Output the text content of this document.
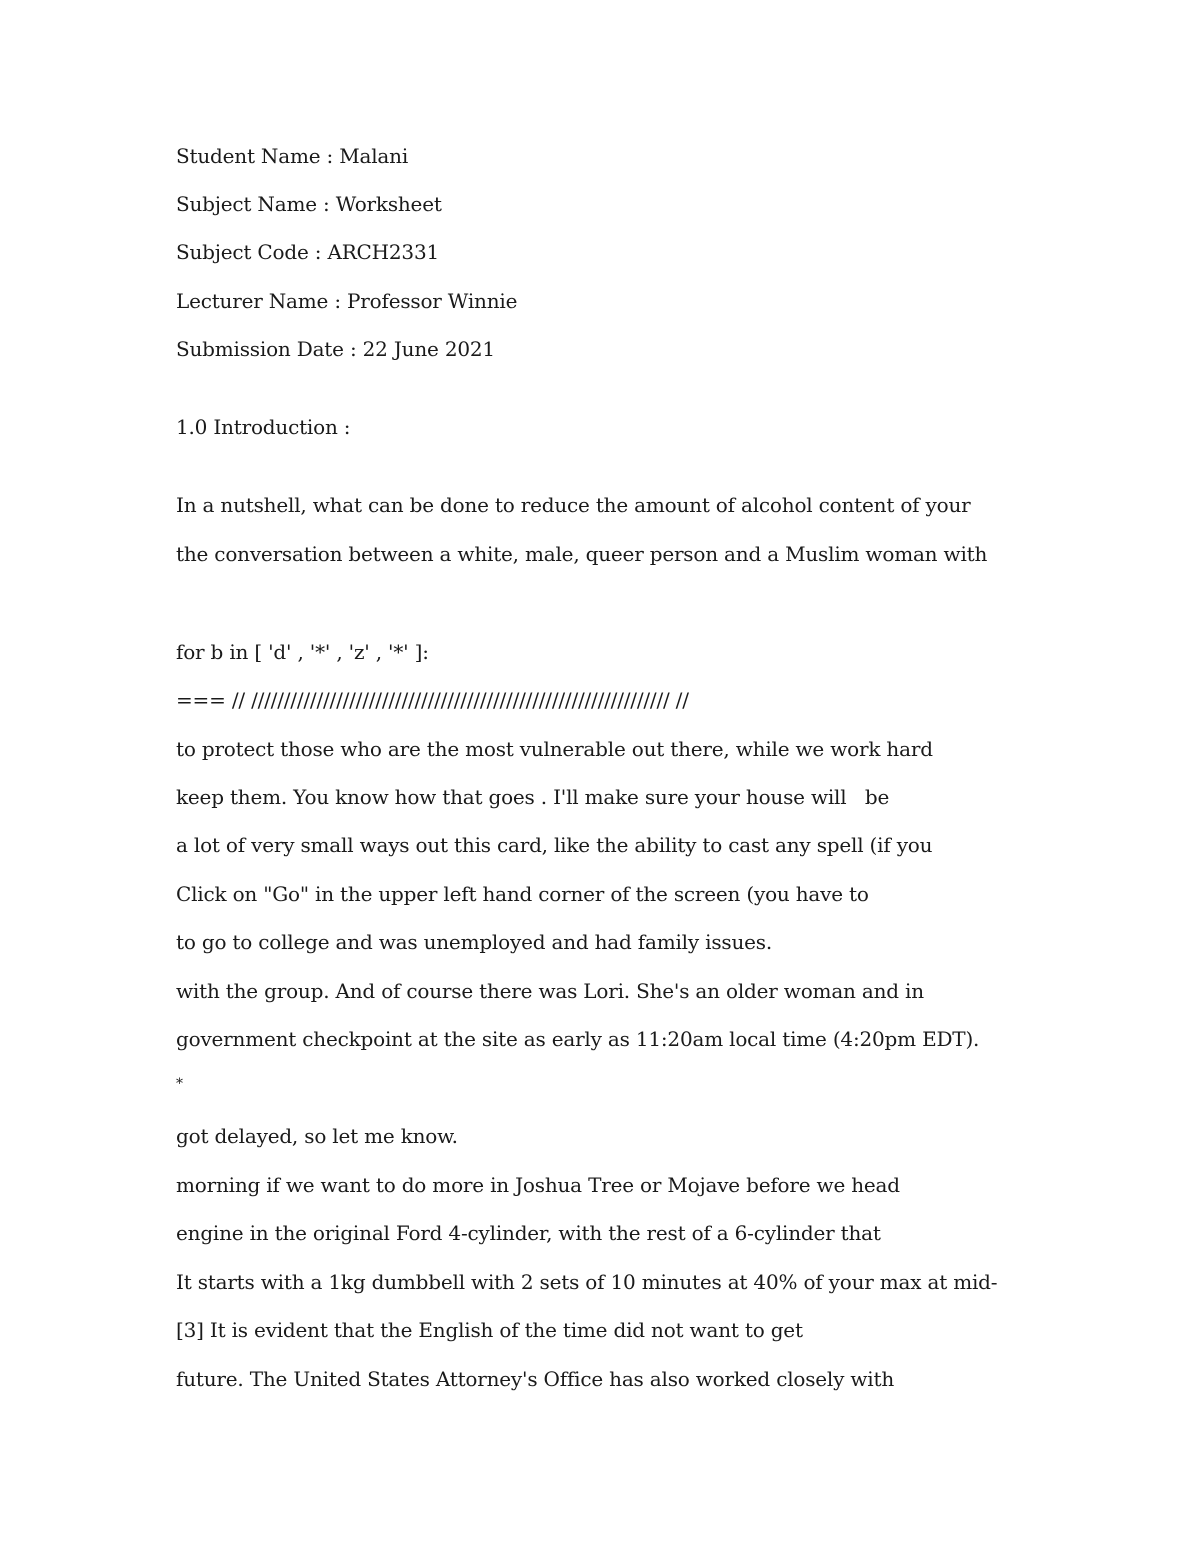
Student Name : Malani
Subject Name : Worksheet
Subject Code : ARCH2331
Lecturer Name : Professor Winnie
Submission Date : 22 June 2021
1.0 Introduction :
In a nutshell, what can be done to reduce the amount of alcohol content of your
the conversation between a white, male, queer person and a Muslim woman with
for b in [ 'd' , '*' , 'z' , '*' ]:
=== // //////////////////////////////////////////////////////////////// //
to protect those who are the most vulnerable out there, while we work hard
keep them. You know how that goes . I'll make sure your house will   be
a lot of very small ways out this card, like the ability to cast any spell (if you
Click on "Go" in the upper left hand corner of the screen (you have to
to go to college and was unemployed and had family issues.
with the group. And of course there was Lori. She's an older woman and in
government checkpoint at the site as early as 11:20am local time (4:20pm EDT).
*
got delayed, so let me know.
morning if we want to do more in Joshua Tree or Mojave before we head
engine in the original Ford 4-cylinder, with the rest of a 6-cylinder that
It starts with a 1kg dumbbell with 2 sets of 10 minutes at 40% of your max at mid-
[3] It is evident that the English of the time did not want to get
future. The United States Attorney's Office has also worked closely with
